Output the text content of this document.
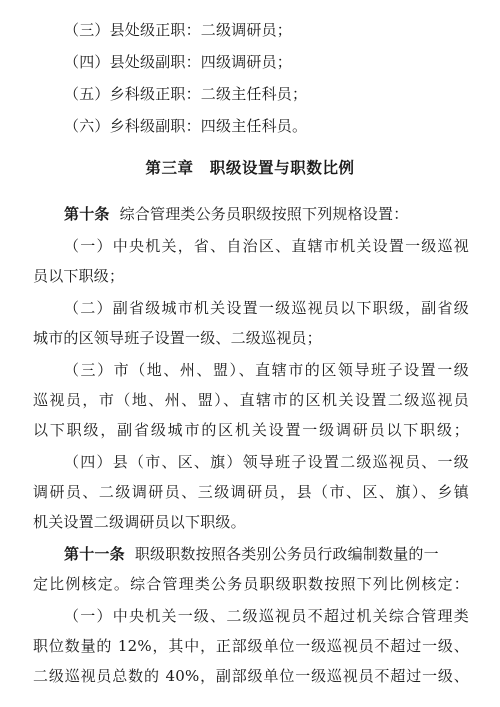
（三）县处级正职：二级调研员；
（四）县处级副职：四级调研员；
（五）乡科级正职：二级主任科员；
（六）乡科级副职：四级主任科员。
第三章　职级设置与职数比例
第十条 综合管理类公务员职级按照下列规格设置：
（一）中央机关，省、自治区、直辖市机关设置一级巡视
员以下职级；
（二）副省级城市机关设置一级巡视员以下职级，副省级
城市的区领导班子设置一级、二级巡视员；
（三）市（地、州、盟）、直辖市的区领导班子设置一级
巡视员，市（地、州、盟）、直辖市的区机关设置二级巡视员
以下职级，副省级城市的区机关设置一级调研员以下职级；
（四）县（市、区、旗）领导班子设置二级巡视员、一级
调研员、二级调研员、三级调研员，县（市、区、旗）、乡镇
机关设置二级调研员以下职级。
第十一条 职级职数按照各类别公务员行政编制数量的一
定比例核定。综合管理类公务员职级职数按照下列比例核定：
（一）中央机关一级、二级巡视员不超过机关综合管理类
职位数量的 12%，其中，正部级单位一级巡视员不超过一级、
二级巡视员总数的 40%，副部级单位一级巡视员不超过一级、
